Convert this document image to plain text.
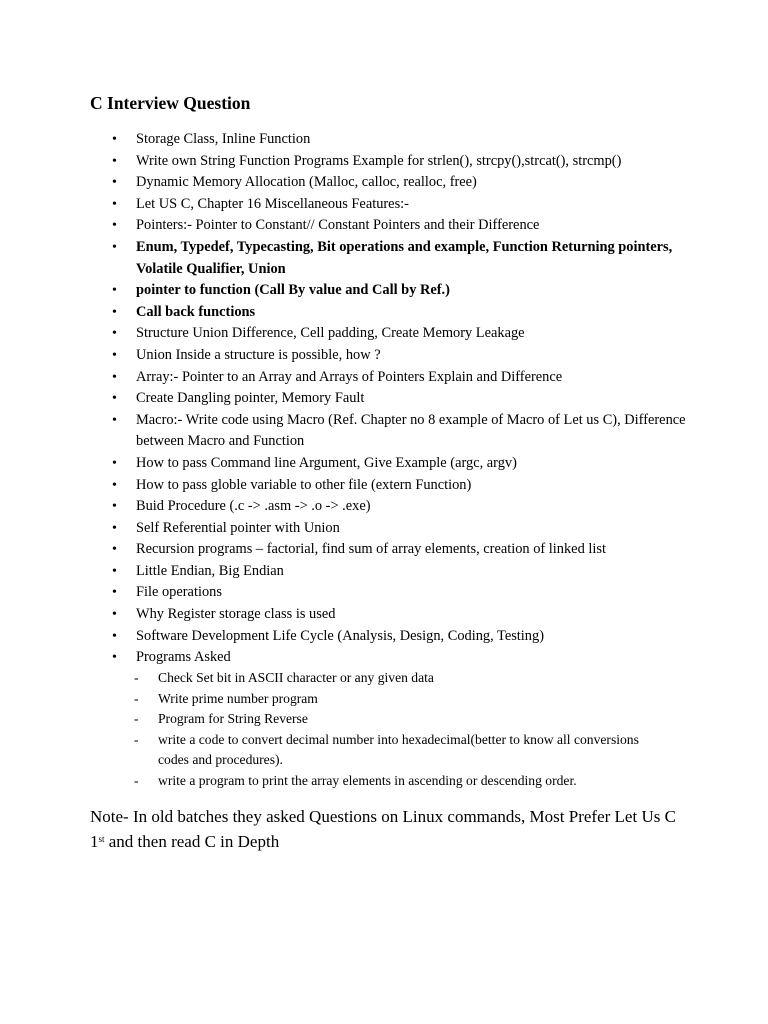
C Interview Question
• Storage Class, Inline Function
• Write own String Function Programs Example for strlen(), strcpy(),strcat(), strcmp()
• Dynamic Memory Allocation (Malloc, calloc, realloc, free)
• Let US C, Chapter 16 Miscellaneous Features:-
• Pointers:- Pointer to Constant// Constant Pointers and their Difference
• Enum, Typedef, Typecasting, Bit operations and example, Function Returning pointers, Volatile Qualifier, Union
• pointer to function (Call By value and Call by Ref.)
• Call back functions
• Structure Union Difference, Cell padding, Create Memory Leakage
• Union Inside a structure is possible, how ?
• Array:- Pointer to an Array and Arrays of Pointers Explain and Difference
• Create Dangling pointer, Memory Fault
• Macro:- Write code using Macro (Ref. Chapter no 8 example of Macro of Let us C), Difference between Macro and Function
• How to pass Command line Argument, Give Example (argc, argv)
• How to pass globle variable to other file (extern Function)
• Buid Procedure (.c -> .asm -> .o -> .exe)
• Self Referential pointer with Union
• Recursion programs – factorial, find sum of array elements, creation of linked list
• Little Endian, Big Endian
• File operations
• Why Register storage class is used
• Software Development Life Cycle (Analysis, Design, Coding, Testing)
• Programs Asked
- Check Set bit in ASCII character or any given data
- Write prime number program
- Program for String Reverse
- write a code to convert decimal number into hexadecimal(better to know all conversions codes and procedures).
- write a program to print the array elements in ascending or descending order.

Note- In old batches they asked Questions on Linux commands, Most Prefer Let Us C 1st and then read C in Depth
